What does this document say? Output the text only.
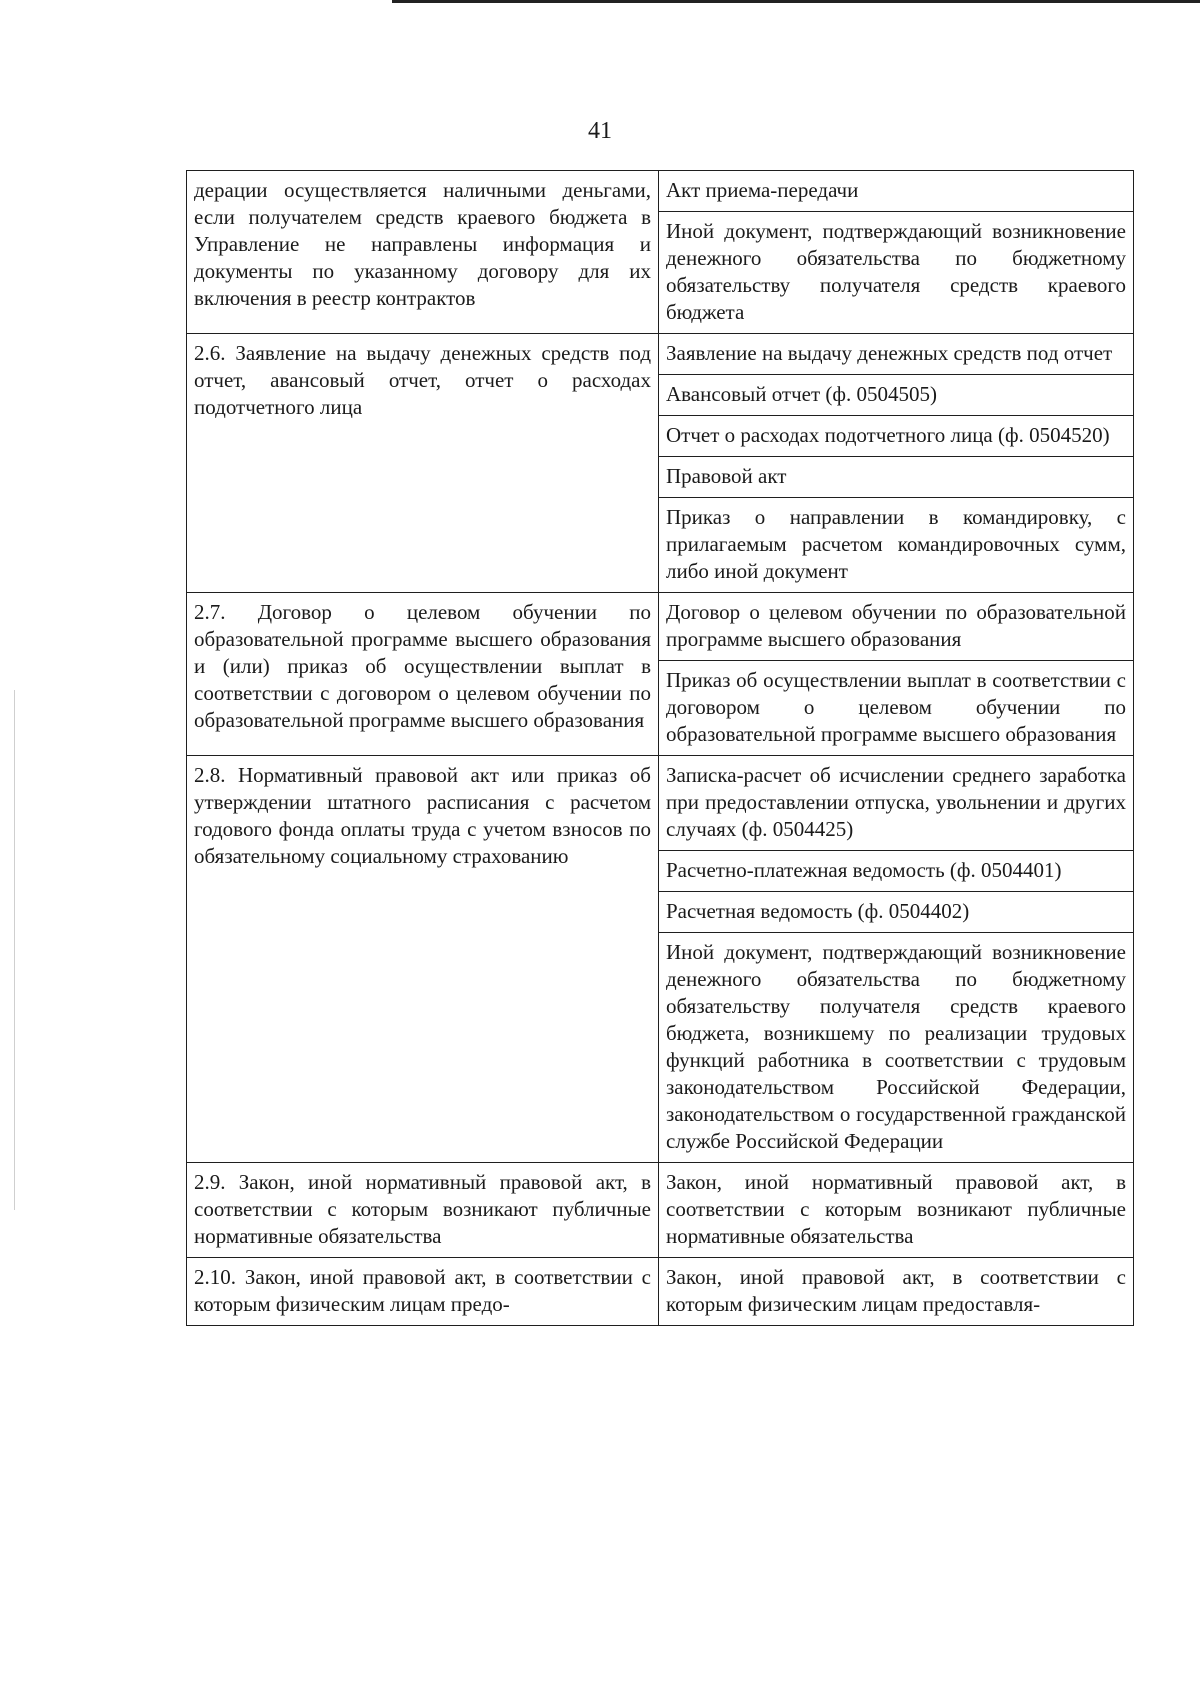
41
дерации осуществляется наличными деньгами, если получателем средств краевого бюджета в Управление не направлены информация и документы по указанному договору для их включения в реестр контрактов	Акт приема-передачи
	Иной документ, подтверждающий возникновение денежного обязательства по бюджетному обязательству получателя средств краевого бюджета
2.6. Заявление на выдачу денежных средств под отчет, авансовый отчет, отчет о расходах подотчетного лица	Заявление на выдачу денежных средств под отчет
	Авансовый отчет (ф. 0504505)
	Отчет о расходах подотчетного лица (ф. 0504520)
	Правовой акт
	Приказ о направлении в командировку, с прилагаемым расчетом командировочных сумм, либо иной документ
2.7. Договор о целевом обучении по образовательной программе высшего образования и (или) приказ об осуществлении выплат в соответствии с договором о целевом обучении по образовательной программе высшего образования	Договор о целевом обучении по образовательной программе высшего образования
	Приказ об осуществлении выплат в соответствии с договором о целевом обучении по образовательной программе высшего образования
2.8. Нормативный правовой акт или приказ об утверждении штатного расписания с расчетом годового фонда оплаты труда с учетом взносов по обязательному социальному страхованию	Записка-расчет об исчислении среднего заработка при предоставлении отпуска, увольнении и других случаях (ф. 0504425)
	Расчетно-платежная ведомость (ф. 0504401)
	Расчетная ведомость (ф. 0504402)
	Иной документ, подтверждающий возникновение денежного обязательства по бюджетному обязательству получателя средств краевого бюджета, возникшему по реализации трудовых функций работника в соответствии с трудовым законодательством Российской Федерации, законодательством о государственной гражданской службе Российской Федерации
2.9. Закон, иной нормативный правовой акт, в соответствии с которым возникают публичные нормативные обязательства	Закон, иной нормативный правовой акт, в соответствии с которым возникают публичные нормативные обязательства
2.10. Закон, иной правовой акт, в соответствии с которым физическим лицам предо-	Закон, иной правовой акт, в соответствии с которым физическим лицам предоставля-
